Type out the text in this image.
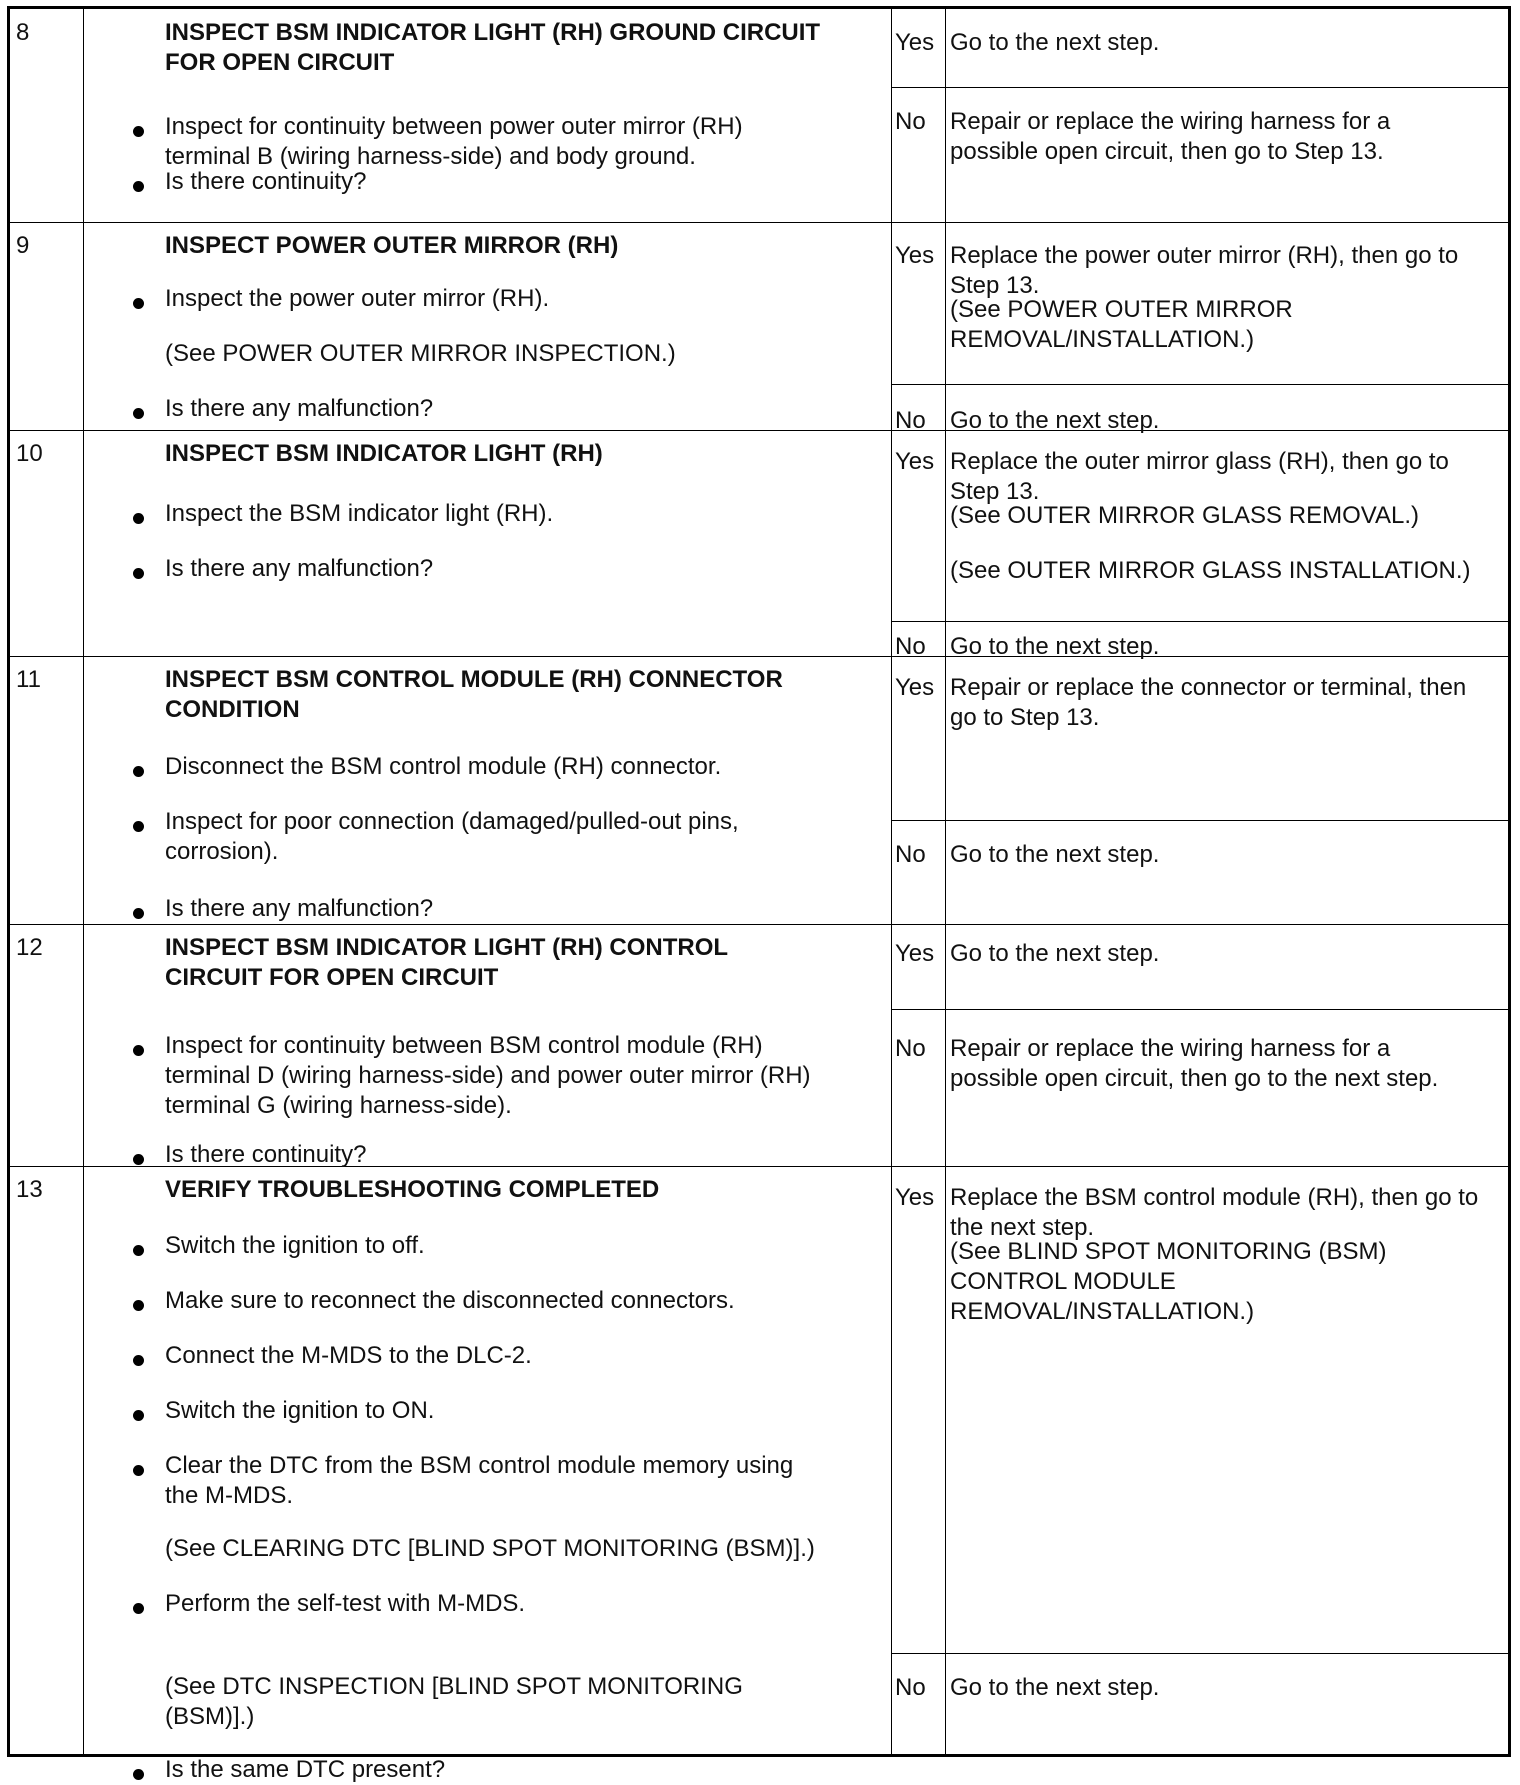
8	INSPECT BSM INDICATOR LIGHT (RH) GROUND CIRCUIT
FOR OPEN CIRCUIT
Inspect for continuity between power outer mirror (RH)
terminal B (wiring harness-side) and body ground.
Is there continuity?
Yes Go to the next step.
No Repair or replace the wiring harness for a
possible open circuit, then go to Step 13.
9	INSPECT POWER OUTER MIRROR (RH)
Inspect the power outer mirror (RH).
(See POWER OUTER MIRROR INSPECTION.)
Is there any malfunction?
Yes Replace the power outer mirror (RH), then go to
Step 13.
(See POWER OUTER MIRROR
REMOVAL/INSTALLATION.)
No Go to the next step.
10	INSPECT BSM INDICATOR LIGHT (RH)
Inspect the BSM indicator light (RH).
Is there any malfunction?
Yes Replace the outer mirror glass (RH), then go to
Step 13.
(See OUTER MIRROR GLASS REMOVAL.)
(See OUTER MIRROR GLASS INSTALLATION.)
No Go to the next step.
11	INSPECT BSM CONTROL MODULE (RH) CONNECTOR
CONDITION
Disconnect the BSM control module (RH) connector.
Inspect for poor connection (damaged/pulled-out pins,
corrosion).
Is there any malfunction?
Yes Repair or replace the connector or terminal, then
go to Step 13.
No Go to the next step.
12	INSPECT BSM INDICATOR LIGHT (RH) CONTROL
CIRCUIT FOR OPEN CIRCUIT
Inspect for continuity between BSM control module (RH)
terminal D (wiring harness-side) and power outer mirror (RH)
terminal G (wiring harness-side).
Is there continuity?
Yes Go to the next step.
No Repair or replace the wiring harness for a
possible open circuit, then go to the next step.
13	VERIFY TROUBLESHOOTING COMPLETED
Switch the ignition to off.
Make sure to reconnect the disconnected connectors.
Connect the M-MDS to the DLC-2.
Switch the ignition to ON.
Clear the DTC from the BSM control module memory using
the M-MDS.
(See CLEARING DTC [BLIND SPOT MONITORING (BSM)].)
Perform the self-test with M-MDS.
(See DTC INSPECTION [BLIND SPOT MONITORING
(BSM)].)
Is the same DTC present?
Yes Replace the BSM control module (RH), then go to
the next step.
(See BLIND SPOT MONITORING (BSM)
CONTROL MODULE
REMOVAL/INSTALLATION.)
No Go to the next step.
